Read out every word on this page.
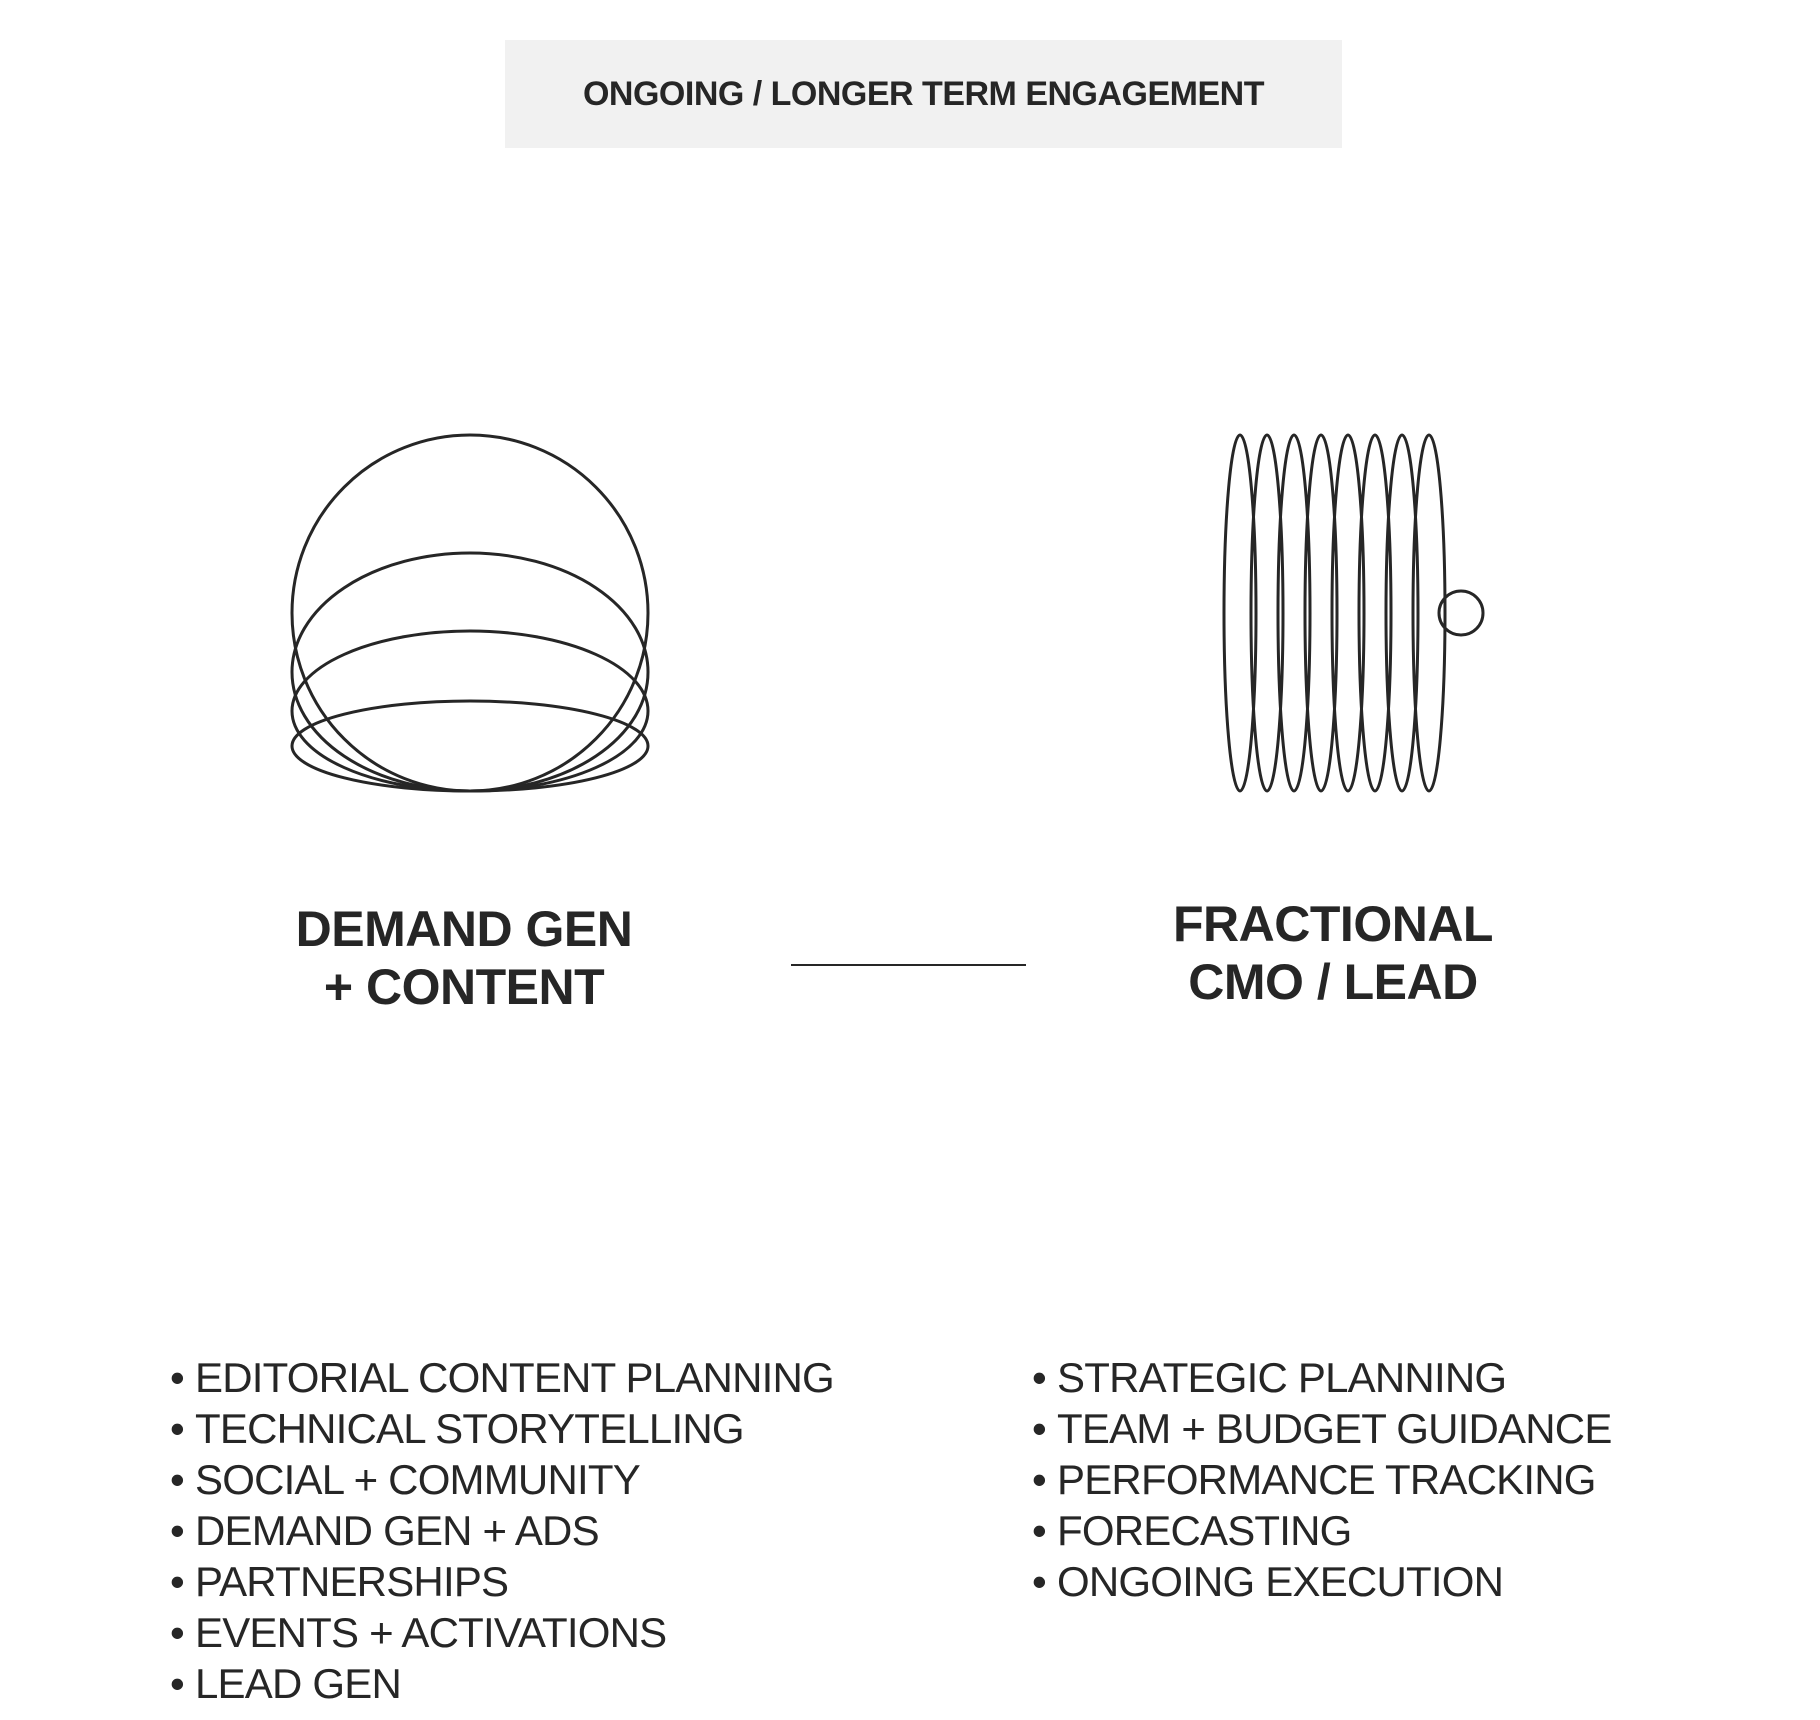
ONGOING / LONGER TERM ENGAGEMENT
DEMAND GEN
+ CONTENT
FRACTIONAL
CMO / LEAD
• EDITORIAL CONTENT PLANNING
• TECHNICAL STORYTELLING
• SOCIAL + COMMUNITY
• DEMAND GEN + ADS
• PARTNERSHIPS
• EVENTS + ACTIVATIONS
• LEAD GEN
• STRATEGIC PLANNING
• TEAM + BUDGET GUIDANCE
• PERFORMANCE TRACKING
• FORECASTING
• ONGOING EXECUTION
